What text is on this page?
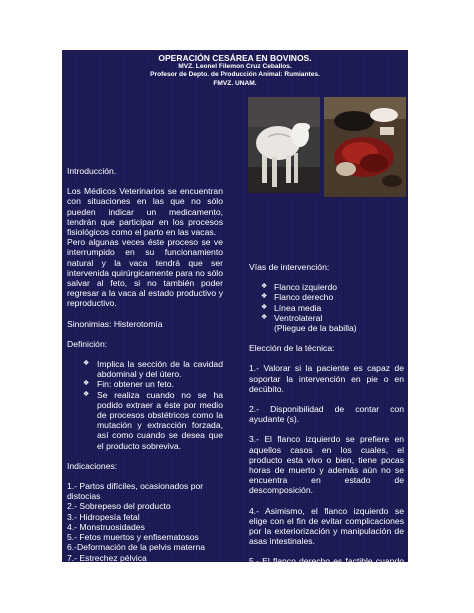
OPERACIÓN CESÁREA EN BOVINOS.
MVZ. Leonel Filemon Cruz Ceballos.
Profesor de Depto. de Producción Animal: Rumiantes.
FMVZ. UNAM.
Introducción.
Los Médicos Veterinarios se encuentran con situaciones en las que no sólo pueden indicar un medicamento, tendrán que participar en los procesos fisiológicos como el parto en las vacas.
Pero algunas veces éste proceso se ve interrumpido en su funcionamiento natural y la vaca tendrá que ser intervenida quirúrgicamente para no sólo salvar al feto, si no también poder regresar a la vaca al estado productivo y reproductivo.
Sinonimias: Histerotomía
Definición:
❖ Implica la sección de la cavidad abdominal y del útero.
❖ Fin: obtener un feto.
❖ Se realiza cuando no se ha podido extraer a éste por medio de procesos obstétricos como la mutación y extracción forzada, así como cuando se desea que el producto sobreviva.
Indicaciones:
1.- Partos difíciles, ocasionados por distocias
2.- Sobrepeso del producto
3.- Hidropesía fetal
4.- Monstruosidades
5.- Fetos muertos y enfisematosos
6.-Deformación de la pelvis materna
7.- Estrechez pélvica
Vías de intervención:
❖ Flanco izquierdo
❖ Flanco derecho
❖ Línea media
❖ Ventrolateral
(Pliegue de la babilla)
Elección de la técnica:
1.- Valorar si la paciente es capaz de soportar la intervención en pie o en decúbito.
2.- Disponibilidad de contar con ayudante (s).
3.- El flanco izquierdo se prefiere en aquellos casos en los cuales, el producto esta vivo o bien, tiene pocas horas de muerto y además aún no se encuentra en estado de descomposición.
4.- Asimismo, el flanco izquierdo se elige con el fin de evitar complicaciones por la exteriorización y manipulación de asas intestinales.
5.- El flanco derecho es factible cuando existe distensión exagerada del rumen.
